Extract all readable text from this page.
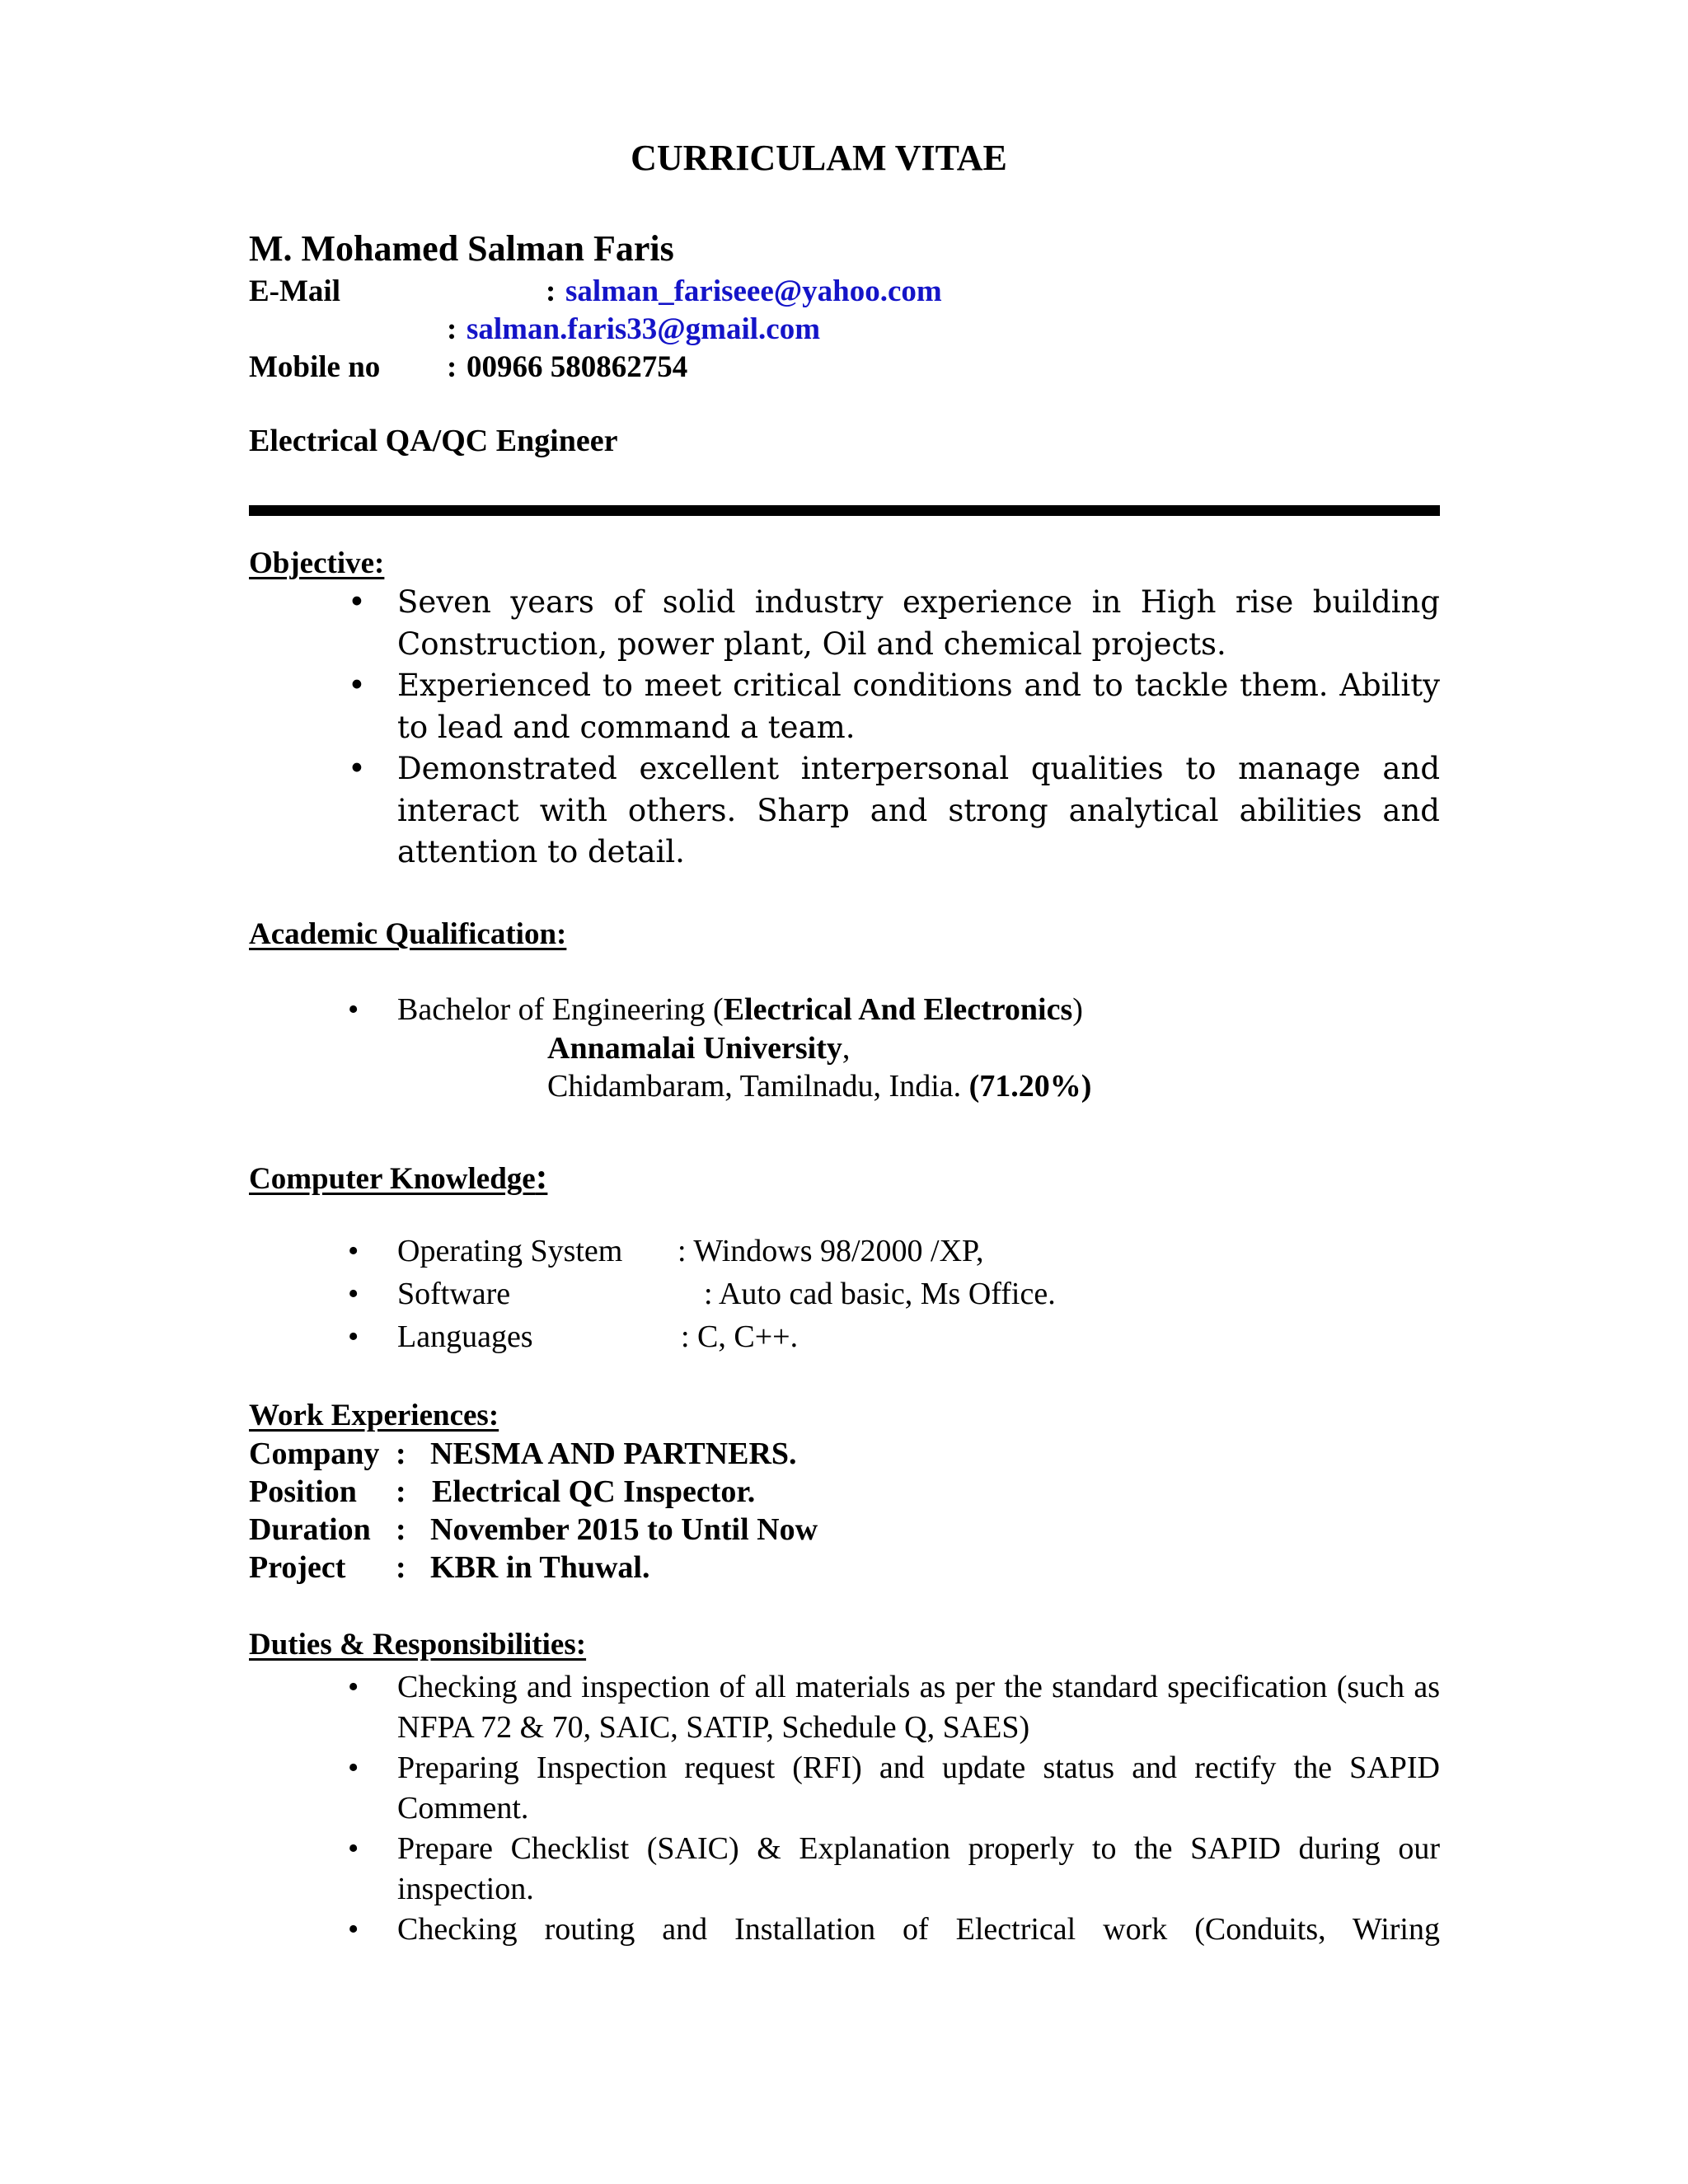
CURRICULAM VITAE
M. Mohamed Salman Faris
E-Mail	: salman_fariseee@yahoo.com
: salman.faris33@gmail.com
Mobile no : 00966 580862754
Electrical QA/QC Engineer
Objective:
• Seven years of solid industry experience in High rise building Construction, power plant, Oil and chemical projects.
• Experienced to meet critical conditions and to tackle them. Ability to lead and command a team.
• Demonstrated excellent interpersonal qualities to manage and interact with others. Sharp and strong analytical abilities and attention to detail.
Academic Qualification:
• Bachelor of Engineering (Electrical And Electronics)
Annamalai University,
Chidambaram, Tamilnadu, India. (71.20%)
Computer Knowledge:
• Operating System : Windows 98/2000 /XP,
• Software	: Auto cad basic, Ms Office.
• Languages	: C, C++.
Work Experiences:
Company : NESMA AND PARTNERS.
Position : Electrical QC Inspector.
Duration : November 2015 to Until Now
Project : KBR in Thuwal.
Duties & Responsibilities:
• Checking and inspection of all materials as per the standard specification (such as NFPA 72 & 70, SAIC, SATIP, Schedule Q, SAES)
• Preparing Inspection request (RFI) and update status and rectify the SAPID Comment.
• Prepare Checklist (SAIC) & Explanation properly to the SAPID during our inspection.
• Checking routing and Installation of Electrical work (Conduits, Wiring
